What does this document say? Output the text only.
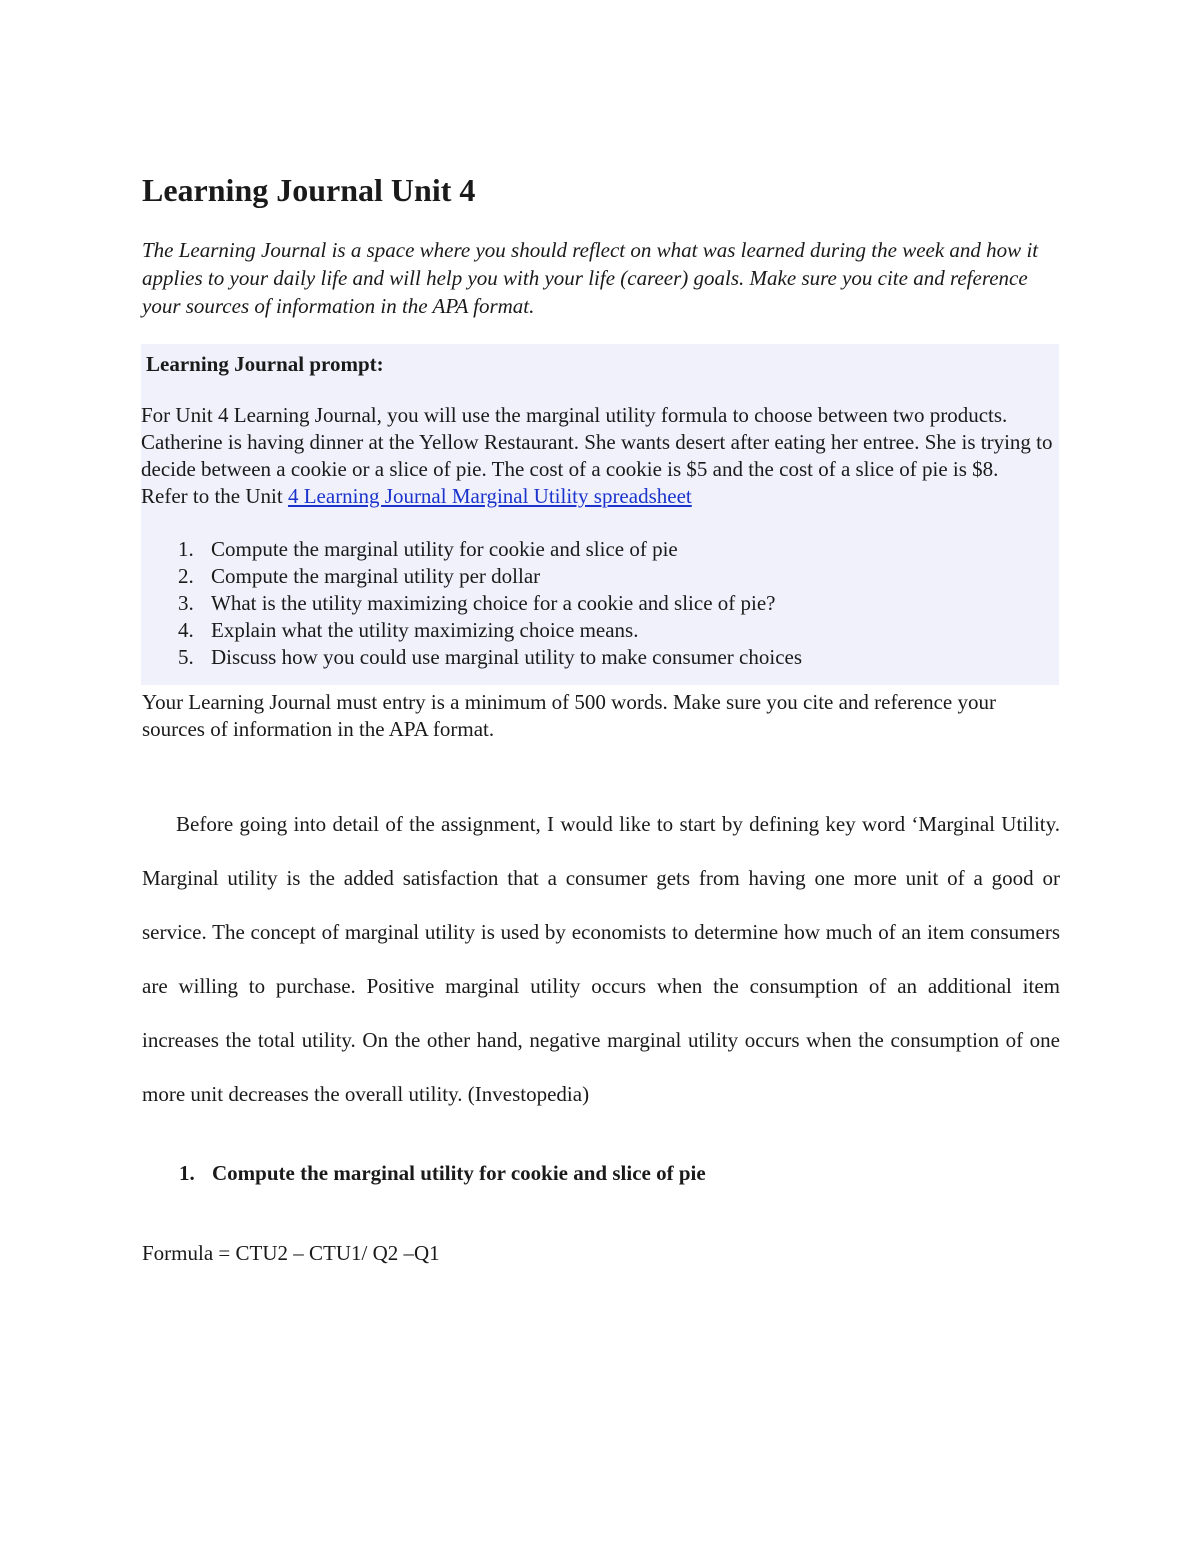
Learning Journal Unit 4

The Learning Journal is a space where you should reflect on what was learned during the week and how it applies to your daily life and will help you with your life (career) goals. Make sure you cite and reference your sources of information in the APA format.

Learning Journal prompt:

For Unit 4 Learning Journal, you will use the marginal utility formula to choose between two products.

Catherine is having dinner at the Yellow Restaurant. She wants desert after eating her entree. She is trying to decide between a cookie or a slice of pie. The cost of a cookie is $5 and the cost of a slice of pie is $8.

Refer to the Unit 4 Learning Journal Marginal Utility spreadsheet

1. Compute the marginal utility for cookie and slice of pie
2. Compute the marginal utility per dollar
3. What is the utility maximizing choice for a cookie and slice of pie?
4. Explain what the utility maximizing choice means.
5. Discuss how you could use marginal utility to make consumer choices

Your Learning Journal must entry is a minimum of 500 words. Make sure you cite and reference your sources of information in the APA format.

Before going into detail of the assignment, I would like to start by defining key word ‘Marginal Utility. Marginal utility is the added satisfaction that a consumer gets from having one more unit of a good or service. The concept of marginal utility is used by economists to determine how much of an item consumers are willing to purchase. Positive marginal utility occurs when the consumption of an additional item increases the total utility. On the other hand, negative marginal utility occurs when the consumption of one more unit decreases the overall utility. (Investopedia)

1. Compute the marginal utility for cookie and slice of pie

Formula = CTU2 – CTU1/ Q2 –Q1
